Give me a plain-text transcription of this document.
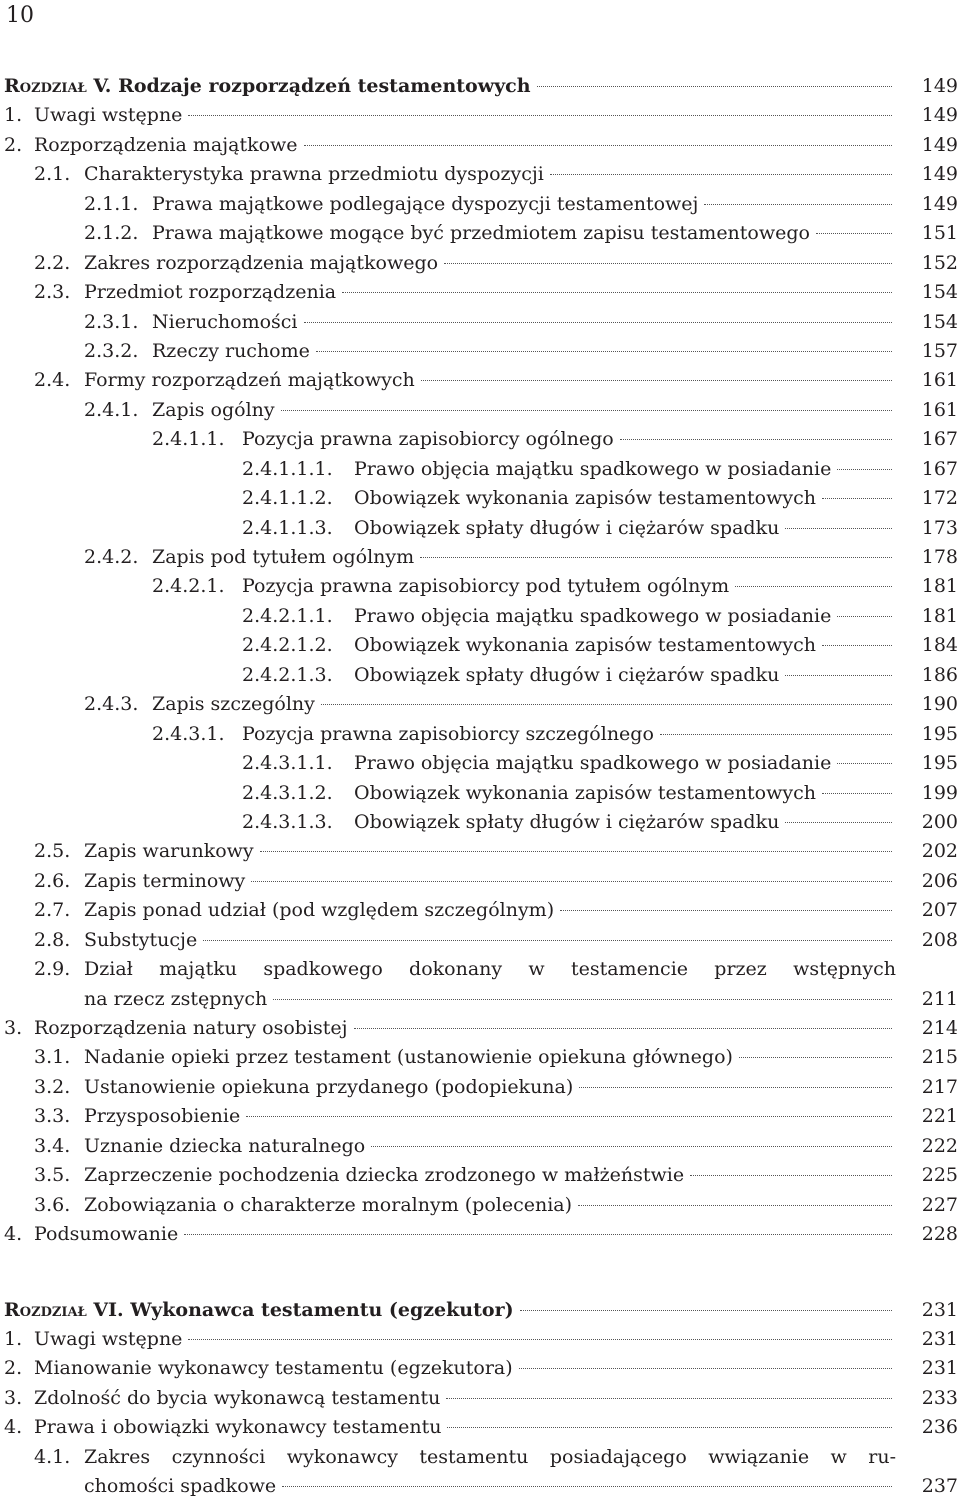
10
Rozdział V. Rodzaje rozporządzeń testamentowych	149
1. Uwagi wstępne	149
2. Rozporządzenia majątkowe	149
2.1. Charakterystyka prawna przedmiotu dyspozycji	149
2.1.1. Prawa majątkowe podlegające dyspozycji testamentowej	149
2.1.2. Prawa majątkowe mogące być przedmiotem zapisu testamentowego	151
2.2. Zakres rozporządzenia majątkowego	152
2.3. Przedmiot rozporządzenia	154
2.3.1. Nieruchomości	154
2.3.2. Rzeczy ruchome	157
2.4. Formy rozporządzeń majątkowych	161
2.4.1. Zapis ogólny	161
2.4.1.1. Pozycja prawna zapisobiorcy ogólnego	167
2.4.1.1.1. Prawo objęcia majątku spadkowego w posiadanie	167
2.4.1.1.2. Obowiązek wykonania zapisów testamentowych	172
2.4.1.1.3. Obowiązek spłaty długów i ciężarów spadku	173
2.4.2. Zapis pod tytułem ogólnym	178
2.4.2.1. Pozycja prawna zapisobiorcy pod tytułem ogólnym	181
2.4.2.1.1. Prawo objęcia majątku spadkowego w posiadanie	181
2.4.2.1.2. Obowiązek wykonania zapisów testamentowych	184
2.4.2.1.3. Obowiązek spłaty długów i ciężarów spadku	186
2.4.3. Zapis szczególny	190
2.4.3.1. Pozycja prawna zapisobiorcy szczególnego	195
2.4.3.1.1. Prawo objęcia majątku spadkowego w posiadanie	195
2.4.3.1.2. Obowiązek wykonania zapisów testamentowych	199
2.4.3.1.3. Obowiązek spłaty długów i ciężarów spadku	200
2.5. Zapis warunkowy	202
2.6. Zapis terminowy	206
2.7. Zapis ponad udział (pod względem szczególnym)	207
2.8. Substytucje	208
2.9. Dział majątku spadkowego dokonany w testamencie przez wstępnych
na rzecz zstępnych	211
3. Rozporządzenia natury osobistej	214
3.1. Nadanie opieki przez testament (ustanowienie opiekuna głównego)	215
3.2. Ustanowienie opiekuna przydanego (podopiekuna)	217
3.3. Przysposobienie	221
3.4. Uznanie dziecka naturalnego	222
3.5. Zaprzeczenie pochodzenia dziecka zrodzonego w małżeństwie	225
3.6. Zobowiązania o charakterze moralnym (polecenia)	227
4. Podsumowanie	228
Rozdział VI. Wykonawca testamentu (egzekutor)	231
1. Uwagi wstępne	231
2. Mianowanie wykonawcy testamentu (egzekutora)	231
3. Zdolność do bycia wykonawcą testamentu	233
4. Prawa i obowiązki wykonawcy testamentu	236
4.1. Zakres czynności wykonawcy testamentu posiadającego wwiązanie w ru-
chomości spadkowe	237
